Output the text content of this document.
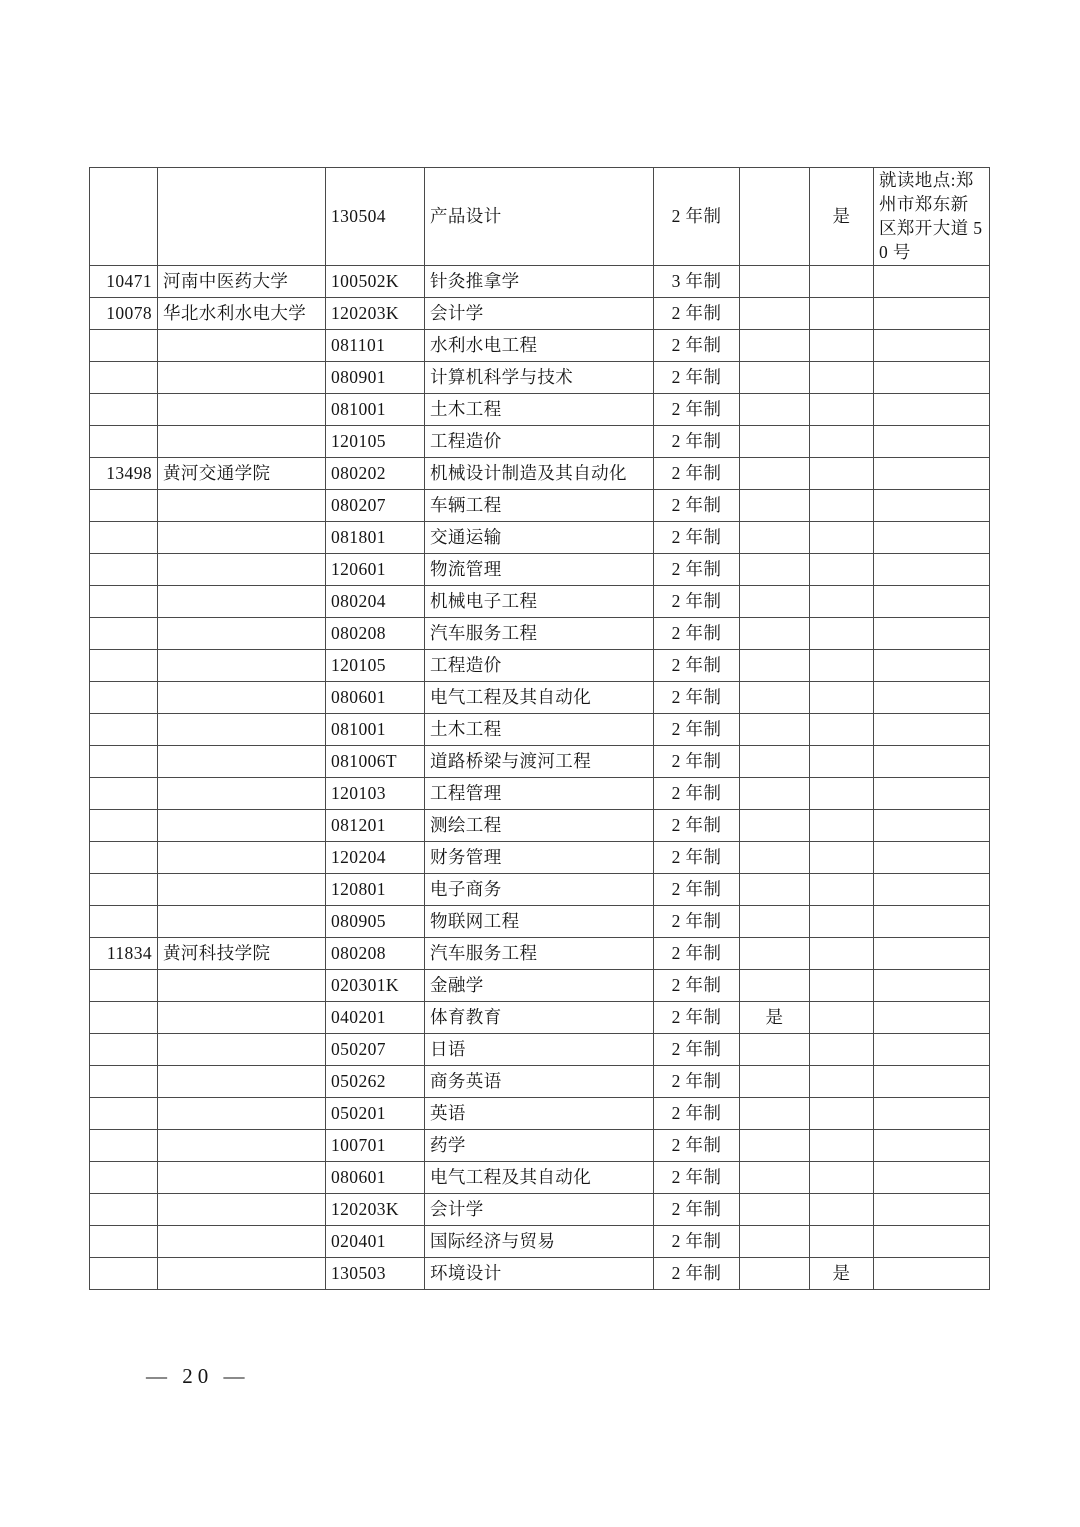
		130504	产品设计	2 年制		是	就读地点:郑州市郑东新区郑开大道 50 号
10471	河南中医药大学	100502K	针灸推拿学	3 年制			
10078	华北水利水电大学	120203K	会计学	2 年制			
		081101	水利水电工程	2 年制			
		080901	计算机科学与技术	2 年制			
		081001	土木工程	2 年制			
		120105	工程造价	2 年制			
13498	黄河交通学院	080202	机械设计制造及其自动化	2 年制			
		080207	车辆工程	2 年制			
		081801	交通运输	2 年制			
		120601	物流管理	2 年制			
		080204	机械电子工程	2 年制			
		080208	汽车服务工程	2 年制			
		120105	工程造价	2 年制			
		080601	电气工程及其自动化	2 年制			
		081001	土木工程	2 年制			
		081006T	道路桥梁与渡河工程	2 年制			
		120103	工程管理	2 年制			
		081201	测绘工程	2 年制			
		120204	财务管理	2 年制			
		120801	电子商务	2 年制			
		080905	物联网工程	2 年制			
11834	黄河科技学院	080208	汽车服务工程	2 年制			
		020301K	金融学	2 年制			
		040201	体育教育	2 年制	是		
		050207	日语	2 年制			
		050262	商务英语	2 年制			
		050201	英语	2 年制			
		100701	药学	2 年制			
		080601	电气工程及其自动化	2 年制			
		120203K	会计学	2 年制			
		020401	国际经济与贸易	2 年制			
		130503	环境设计	2 年制		是	
— 20 —
